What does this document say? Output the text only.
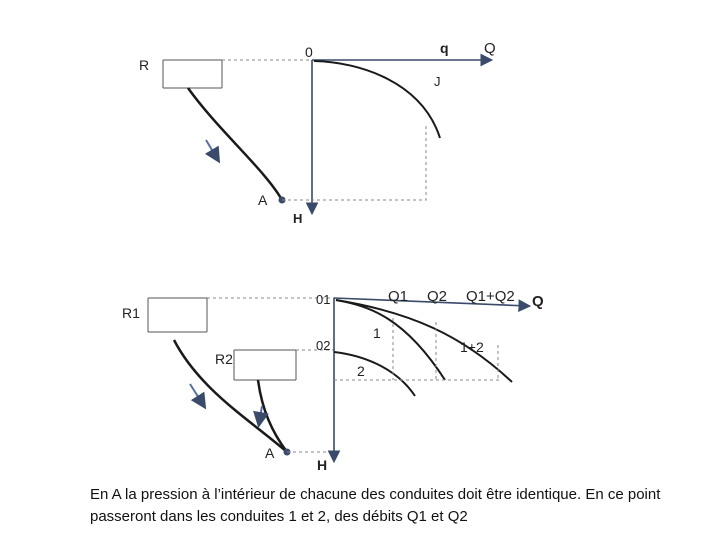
R
0	q Q
J
A
H
R1
R2
01
02
Q1 Q2 Q1+Q2 Q
1
2
1+2
A
H

En A la pression à l’intérieur de chacune des conduites doit être identique. En ce point passeront dans les conduites 1 et 2, des débits Q1 et Q2
